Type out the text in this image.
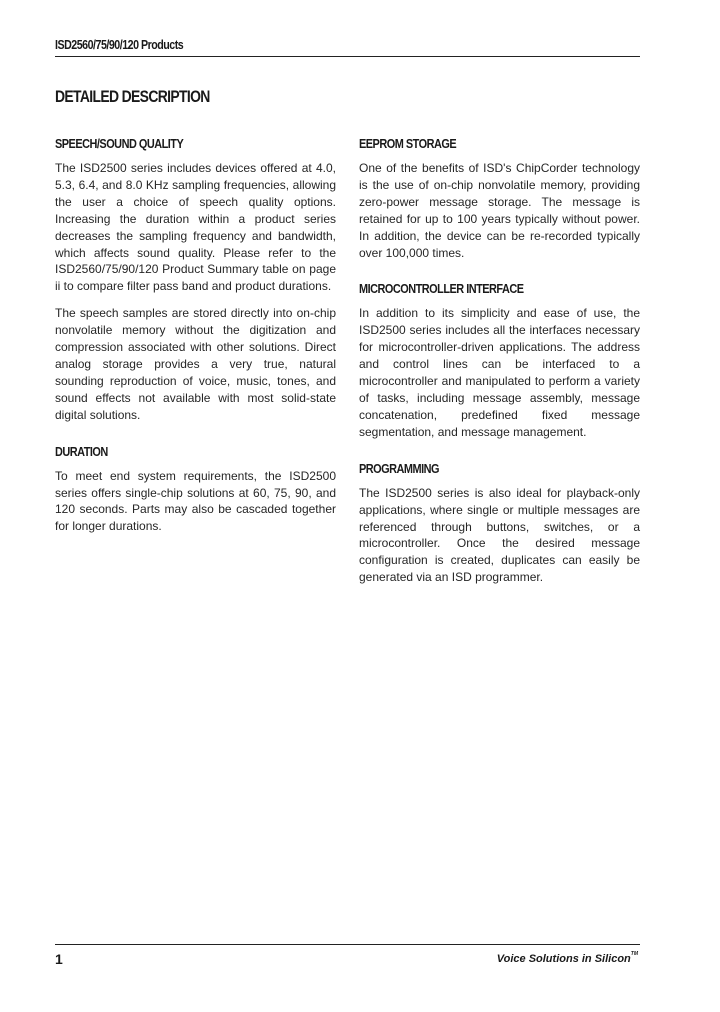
ISD2560/75/90/120 Products
DETAILED DESCRIPTION
SPEECH/SOUND QUALITY

The ISD2500 series includes devices offered at 4.0, 5.3, 6.4, and 8.0 KHz sampling frequencies, allowing the user a choice of speech quality options. Increasing the duration within a product series decreases the sampling frequency and bandwidth, which affects sound quality. Please refer to the ISD2560/75/90/120 Product Summary table on page ii to compare filter pass band and product durations.

The speech samples are stored directly into on-chip nonvolatile memory without the digitization and compression associated with other solutions. Direct analog storage provides a very true, natural sounding reproduction of voice, music, tones, and sound effects not available with most solid-state digital solutions.

DURATION

To meet end system requirements, the ISD2500 series offers single-chip solutions at 60, 75, 90, and 120 seconds. Parts may also be cascaded together for longer durations.

EEPROM STORAGE

One of the benefits of ISD's ChipCorder technology is the use of on-chip nonvolatile memory, providing zero-power message storage. The message is retained for up to 100 years typically without power. In addition, the device can be re-recorded typically over 100,000 times.

MICROCONTROLLER INTERFACE

In addition to its simplicity and ease of use, the ISD2500 series includes all the interfaces necessary for microcontroller-driven applications. The address and control lines can be interfaced to a microcontroller and manipulated to perform a variety of tasks, including message assembly, message concatenation, predefined fixed message segmentation, and message management.

PROGRAMMING

The ISD2500 series is also ideal for playback-only applications, where single or multiple messages are referenced through buttons, switches, or a microcontroller. Once the desired message configuration is created, duplicates can easily be generated via an ISD programmer.

1	Voice Solutions in Silicon™
